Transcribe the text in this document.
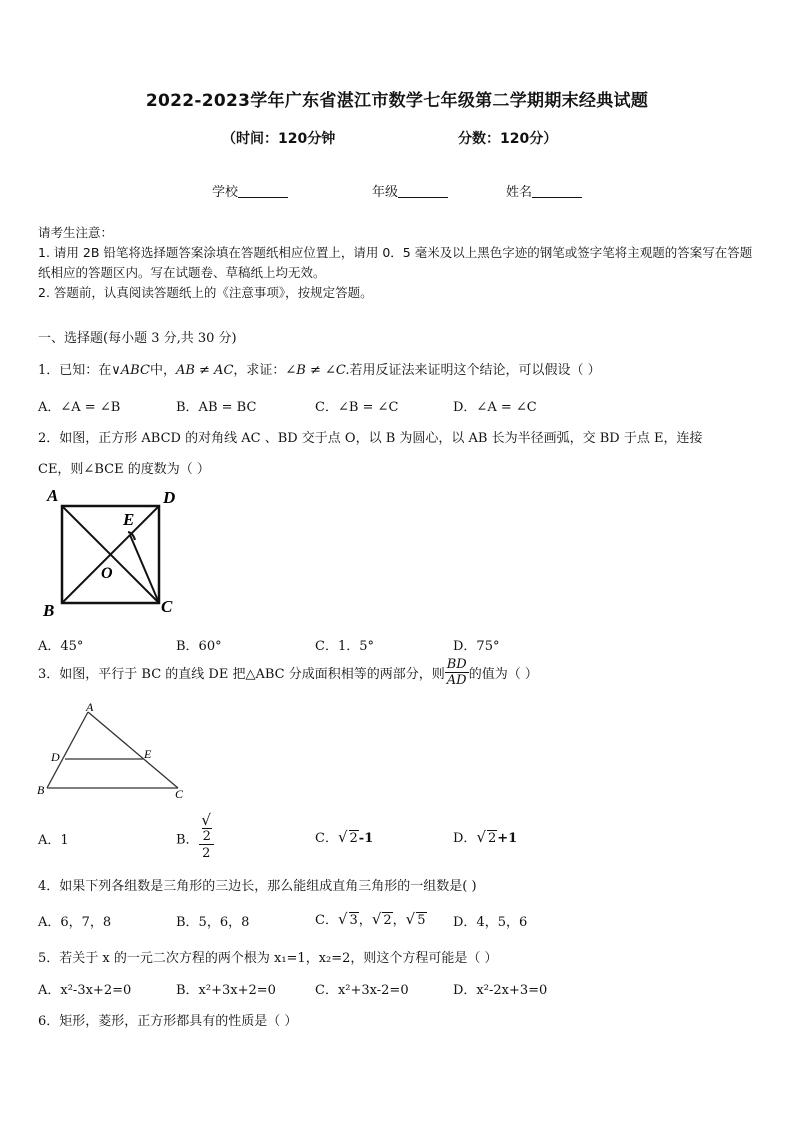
2022-2023学年广东省湛江市数学七年级第二学期期末经典试题
（时间：120分钟	分数：120分）
学校	年级	姓名
请考生注意：
1. 请用 2B 铅笔将选择题答案涂填在答题纸相应位置上，请用 0．5 毫米及以上黑色字迹的钢笔或签字笔将主观题的答案写在答题纸相应的答题区内。写在试题卷、草稿纸上均无效。
2. 答题前，认真阅读答题纸上的《注意事项》，按规定答题。
一、选择题(每小题 3 分,共 30 分)
1．已知：在∨ABC中，AB ≠ AC，求证：∠B ≠ ∠C.若用反证法来证明这个结论，可以假设（ ）
A．∠A = ∠B	B．AB = BC	C．∠B = ∠C	D．∠A = ∠C
2．如图，正方形 ABCD 的对角线 AC 、BD 交于点 O，以 B 为圆心，以 AB 长为半径画弧，交 BD 于点 E，连接
CE，则∠BCE 的度数为（ ）
A	D
B	C
E
O
A．45°	B．60°	C．1．5°	D．75°
3．如图，平行于 BC 的直线 DE 把△ABC 分成面积相等的两部分，则 $\frac{BD}{AD}$ 的值为（ ）
A
D	E
B	C
A．1	B． √
2
2	C．√ 2-1	D．√ 2+1
4．如果下列各组数是三角形的三边长，那么能组成直角三角形的一组数是( )
A．6，7，8	B．5，6，8	C．√ 3，√ 2，√ 5 D．4，5，6
5．若关于 x 的一元二次方程的两个根为 x₁=1，x₂=2，则这个方程可能是（ ）
A．x²-3x+2=0	B．x²+3x+2=0	C．x²+3x-2=0	D．x²-2x+3=0
6．矩形，菱形，正方形都具有的性质是（ ）
